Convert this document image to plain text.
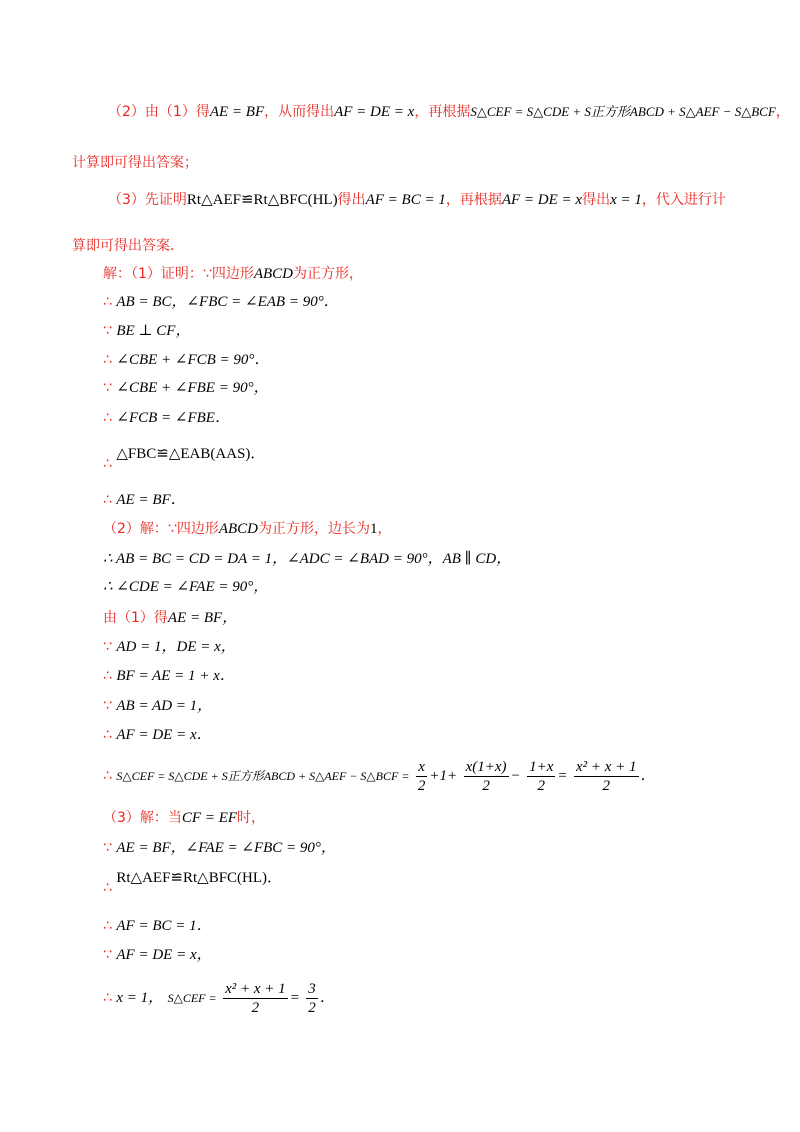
（2）由（1）得AE = BF，从而得出AF = DE = x，再根据S△CEF = S△CDE + S正方形ABCD + S△AEF − S△BCF，
计算即可得出答案；
（3）先证明Rt△AEF≌Rt△BFC(HL)得出AF = BC = 1，再根据AF = DE = x得出x = 1，代入进行计
算即可得出答案．
解：（1）证明：∵四边形ABCD为正方形，
∴ AB = BC，∠FBC = ∠EAB = 90°．
∵ BE ⊥ CF，
∴ ∠CBE + ∠FCB = 90°．
∵ ∠CBE + ∠FBE = 90°，
∴ ∠FCB = ∠FBE．
∴ △FBC≌△EAB(AAS)．
∴ AE = BF．
（2）解：∵四边形ABCD为正方形，边长为1，
∴ AB = BC = CD = DA = 1，∠ADC = ∠BAD = 90°，AB ∥ CD，
∴ ∠CDE = ∠FAE = 90°，
由（1）得AE = BF，
∵ AD = 1，DE = x，
∴ BF = AE = 1 + x．
∵ AB = AD = 1，
∴ AF = DE = x．
∴ S△CEF = S△CDE + S正方形ABCD + S△AEF − S△BCF = $\frac{x}{2} +1+ \frac{x(1+x)}{2} - \frac{1+x}{2} = \frac{\text{x² + x + 1}}{2}$ ．
（3）解：当CF = EF时，
∵ AE = BF，∠FAE = ∠FBC = 90°，
∴ Rt△AEF≌Rt△BFC(HL)．
∴ AF = BC = 1．
∵ AF = DE = x，
∴ x = 1， S△CEF = $\frac{\text{x² + x + 1}}{2} = \frac{3}{2}$ ．
